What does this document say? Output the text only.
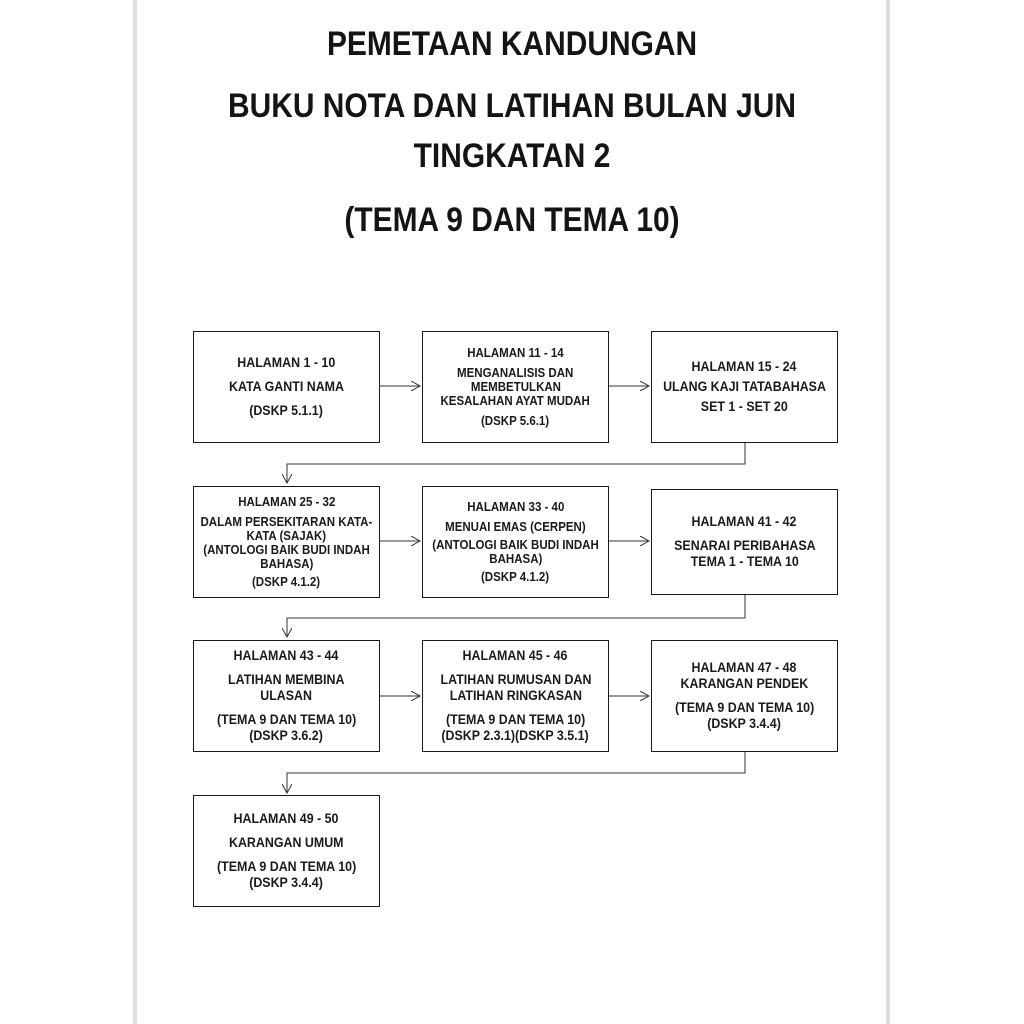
PEMETAAN KANDUNGAN
BUKU NOTA DAN LATIHAN BULAN JUN
TINGKATAN 2
(TEMA 9 DAN TEMA 10)
HALAMAN 1 - 10
KATA GANTI NAMA
(DSKP 5.1.1)
HALAMAN 11 - 14
MENGANALISIS DAN
MEMBETULKAN
KESALAHAN AYAT MUDAH
(DSKP 5.6.1)
HALAMAN 15 - 24
ULANG KAJI TATABAHASA
SET 1 - SET 20
HALAMAN 25 - 32
DALAM PERSEKITARAN KATA-
KATA (SAJAK)
(ANTOLOGI BAIK BUDI INDAH
BAHASA)
(DSKP 4.1.2)
HALAMAN 33 - 40
MENUAI EMAS (CERPEN)
(ANTOLOGI BAIK BUDI INDAH
BAHASA)
(DSKP 4.1.2)
HALAMAN 41 - 42
SENARAI PERIBAHASA
TEMA 1 - TEMA 10
HALAMAN 43 - 44
LATIHAN MEMBINA
ULASAN
(TEMA 9 DAN TEMA 10)
(DSKP 3.6.2)
HALAMAN 45 - 46
LATIHAN RUMUSAN DAN
LATIHAN RINGKASAN
(TEMA 9 DAN TEMA 10)
(DSKP 2.3.1)(DSKP 3.5.1)
HALAMAN 47 - 48
KARANGAN PENDEK
(TEMA 9 DAN TEMA 10)
(DSKP 3.4.4)
HALAMAN 49 - 50
KARANGAN UMUM
(TEMA 9 DAN TEMA 10)
(DSKP 3.4.4)
